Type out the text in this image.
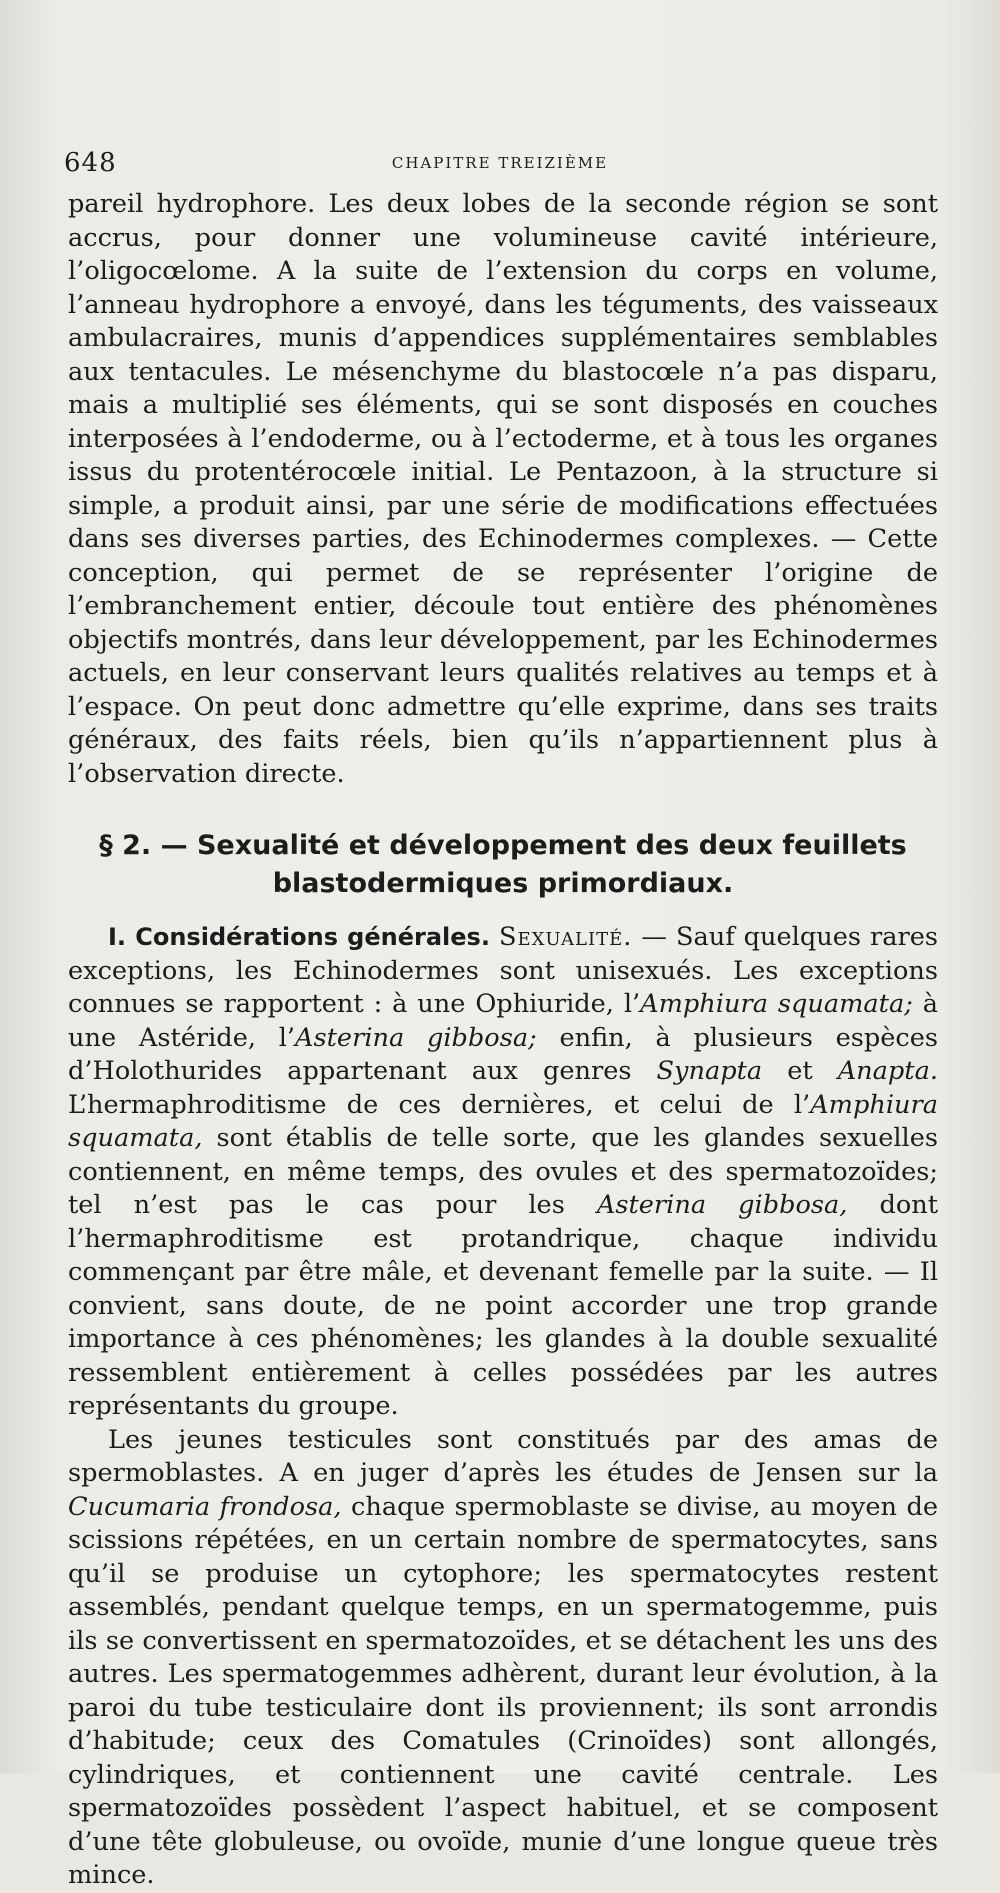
648	CHAPITRE TREIZIÈME

pareil hydrophore. Les deux lobes de la seconde région se sont accrus, pour donner une volumineuse cavité intérieure, l’oligocœlome. A la suite de l’extension du corps en volume, l’anneau hydrophore a envoyé, dans les téguments, des vaisseaux ambulacraires, munis d’appendices supplémentaires semblables aux tentacules. Le mésenchyme du blastocœle n’a pas disparu, mais a multiplié ses éléments, qui se sont disposés en couches interposées à l’endoderme, ou à l’ectoderme, et à tous les organes issus du protentérocœle initial. Le Pentazoon, à la structure si simple, a produit ainsi, par une série de modifications effectuées dans ses diverses parties, des Echinodermes complexes. — Cette conception, qui permet de se représenter l’origine de l’embranchement entier, découle tout entière des phénomènes objectifs montrés, dans leur développement, par les Echinodermes actuels, en leur conservant leurs qualités relatives au temps et à l’espace. On peut donc admettre qu’elle exprime, dans ses traits généraux, des faits réels, bien qu’ils n’appartiennent plus à l’observation directe.

§ 2. — Sexualité et développement des deux feuillets
blastodermiques primordiaux.

I. Considérations générales. Sexualité. — Sauf quelques rares exceptions, les Echinodermes sont unisexués. Les exceptions connues se rapportent : à une Ophiuride, l’Amphiura squamata; à une Astéride, l’Asterina gibbosa; enfin, à plusieurs espèces d’Holothurides appartenant aux genres Synapta et Anapta. L’hermaphroditisme de ces dernières, et celui de l’Amphiura squamata, sont établis de telle sorte, que les glandes sexuelles contiennent, en même temps, des ovules et des spermatozoïdes; tel n’est pas le cas pour les Asterina gibbosa, dont l’hermaphroditisme est protandrique, chaque individu commençant par être mâle, et devenant femelle par la suite. — Il convient, sans doute, de ne point accorder une trop grande importance à ces phénomènes; les glandes à la double sexualité ressemblent entièrement à celles possédées par les autres représentants du groupe.

Les jeunes testicules sont constitués par des amas de spermoblastes. A en juger d’après les études de Jensen sur la Cucumaria frondosa, chaque spermoblaste se divise, au moyen de scissions répétées, en un certain nombre de spermatocytes, sans qu’il se produise un cytophore; les spermatocytes restent assemblés, pendant quelque temps, en un spermatogemme, puis ils se convertissent en spermatozoïdes, et se détachent les uns des autres. Les spermatogemmes adhèrent, durant leur évolution, à la paroi du tube testiculaire dont ils proviennent; ils sont arrondis d’habitude; ceux des Comatules (Crinoïdes) sont allongés, cylindriques, et contiennent une cavité centrale. Les spermatozoïdes possèdent l’aspect habituel, et se composent d’une tête globuleuse, ou ovoïde, munie d’une longue queue très mince.
